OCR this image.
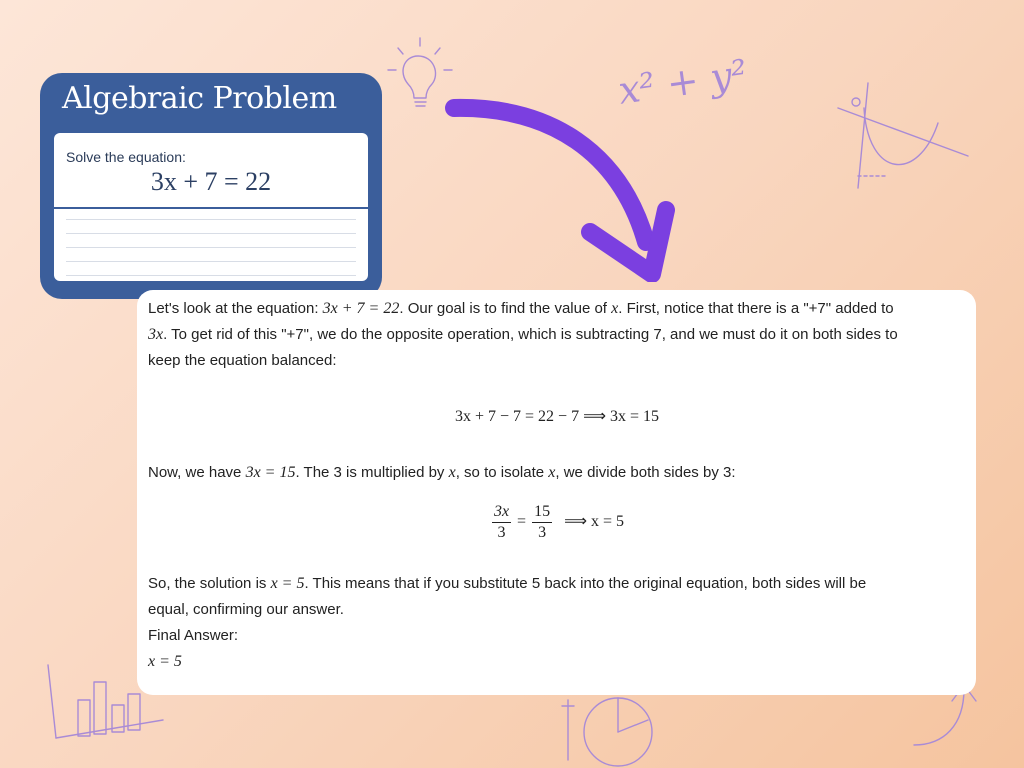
x² + y²
Algebraic Problem
Solve the equation:
3x + 7 = 22

Let's look at the equation: 3x + 7 = 22. Our goal is to find the value of x. First, notice that there is a "+7" added to
3x. To get rid of this "+7", we do the opposite operation, which is subtracting 7, and we must do it on both sides to
keep the equation balanced:

3x + 7 − 7 = 22 − 7 ⟹ 3x = 15

Now, we have 3x = 15. The 3 is multiplied by x, so to isolate x, we divide both sides by 3:

$\frac{3x}{3} = \frac{15}{3}$ ⟹ x = 5

So, the solution is x = 5. This means that if you substitute 5 back into the original equation, both sides will be
equal, confirming our answer.
Final Answer:
x = 5
